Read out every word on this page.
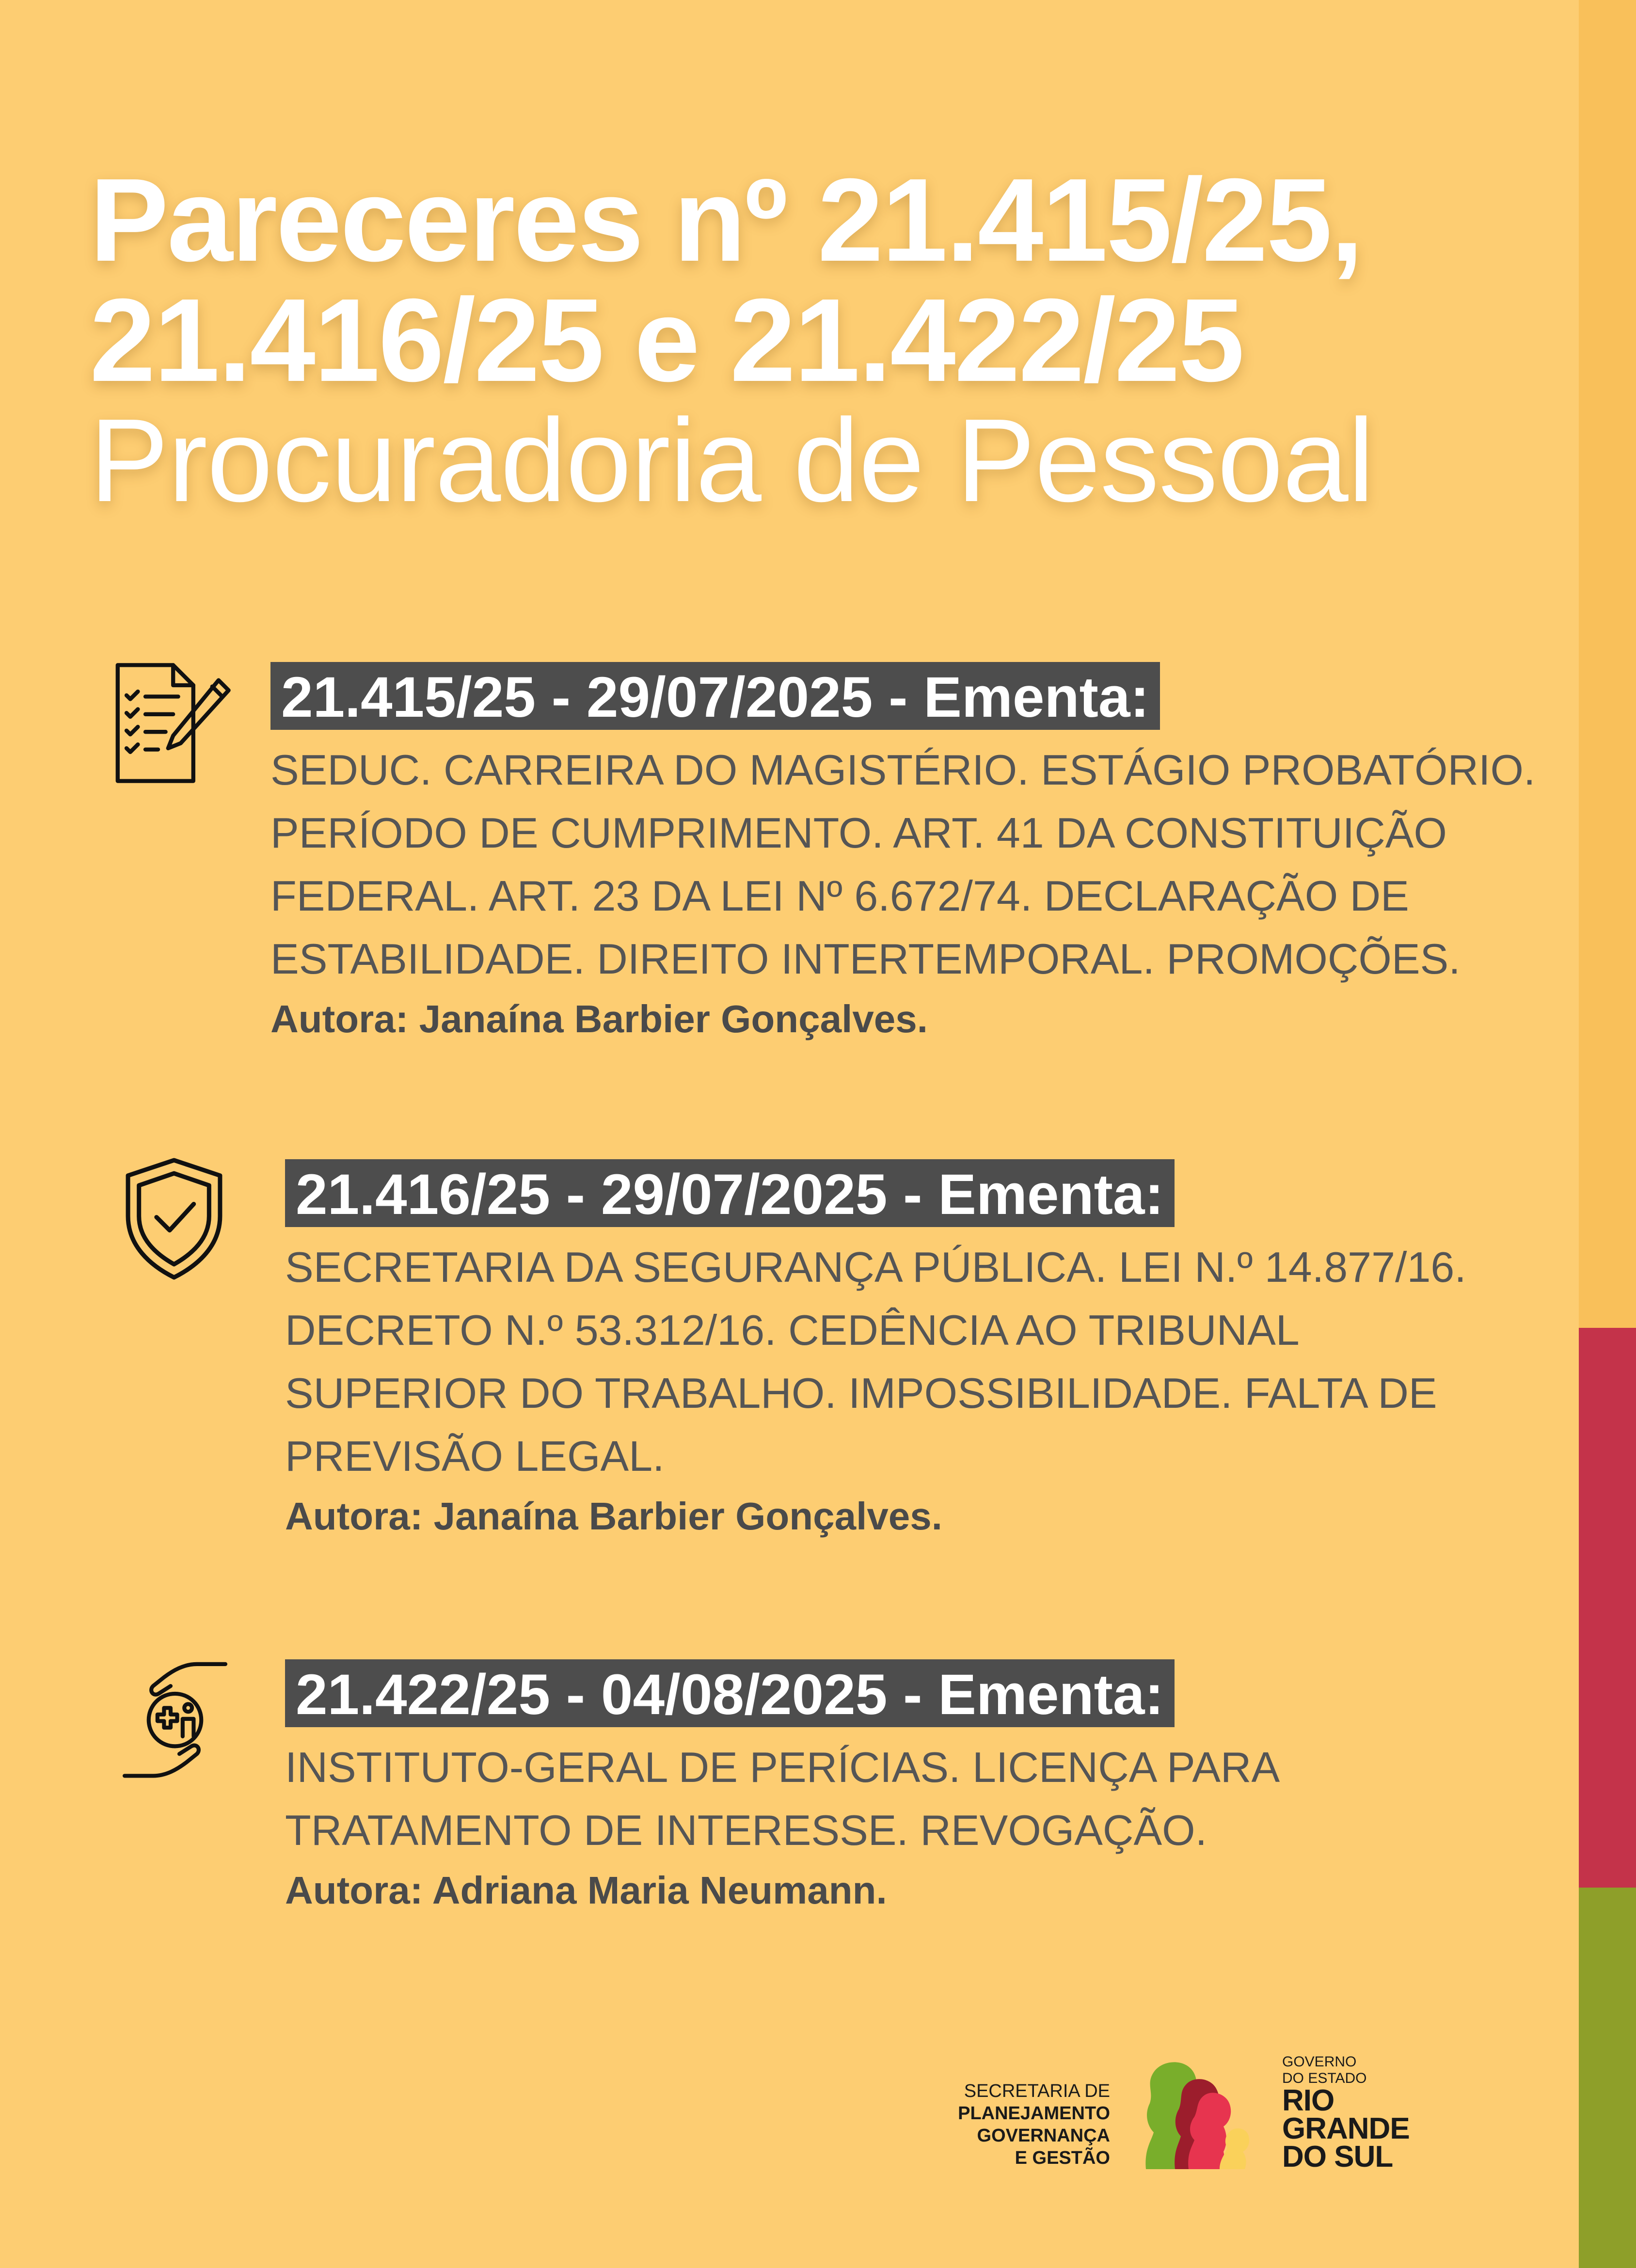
Pareceres nº 21.415/25,
21.416/25 e 21.422/25
Procuradoria de Pessoal
21.415/25 - 29/07/2025 - Ementa:
SEDUC. CARREIRA DO MAGISTÉRIO. ESTÁGIO PROBATÓRIO.
PERÍODO DE CUMPRIMENTO. ART. 41 DA CONSTITUIÇÃO
FEDERAL. ART. 23 DA LEI Nº 6.672/74. DECLARAÇÃO DE
ESTABILIDADE. DIREITO INTERTEMPORAL. PROMOÇÕES.
Autora: Janaína Barbier Gonçalves.
21.416/25 - 29/07/2025 - Ementa:
SECRETARIA DA SEGURANÇA PÚBLICA. LEI N.º 14.877/16.
DECRETO N.º 53.312/16. CEDÊNCIA AO TRIBUNAL
SUPERIOR DO TRABALHO. IMPOSSIBILIDADE. FALTA DE
PREVISÃO LEGAL.
Autora: Janaína Barbier Gonçalves.
21.422/25 - 04/08/2025 - Ementa:
INSTITUTO-GERAL DE PERÍCIAS. LICENÇA PARA
TRATAMENTO DE INTERESSE. REVOGAÇÃO.
Autora: Adriana Maria Neumann.
SECRETARIA DE
PLANEJAMENTO
GOVERNANÇA
E GESTÃO
GOVERNO
DO ESTADO
RIO
GRANDE
DO SUL
